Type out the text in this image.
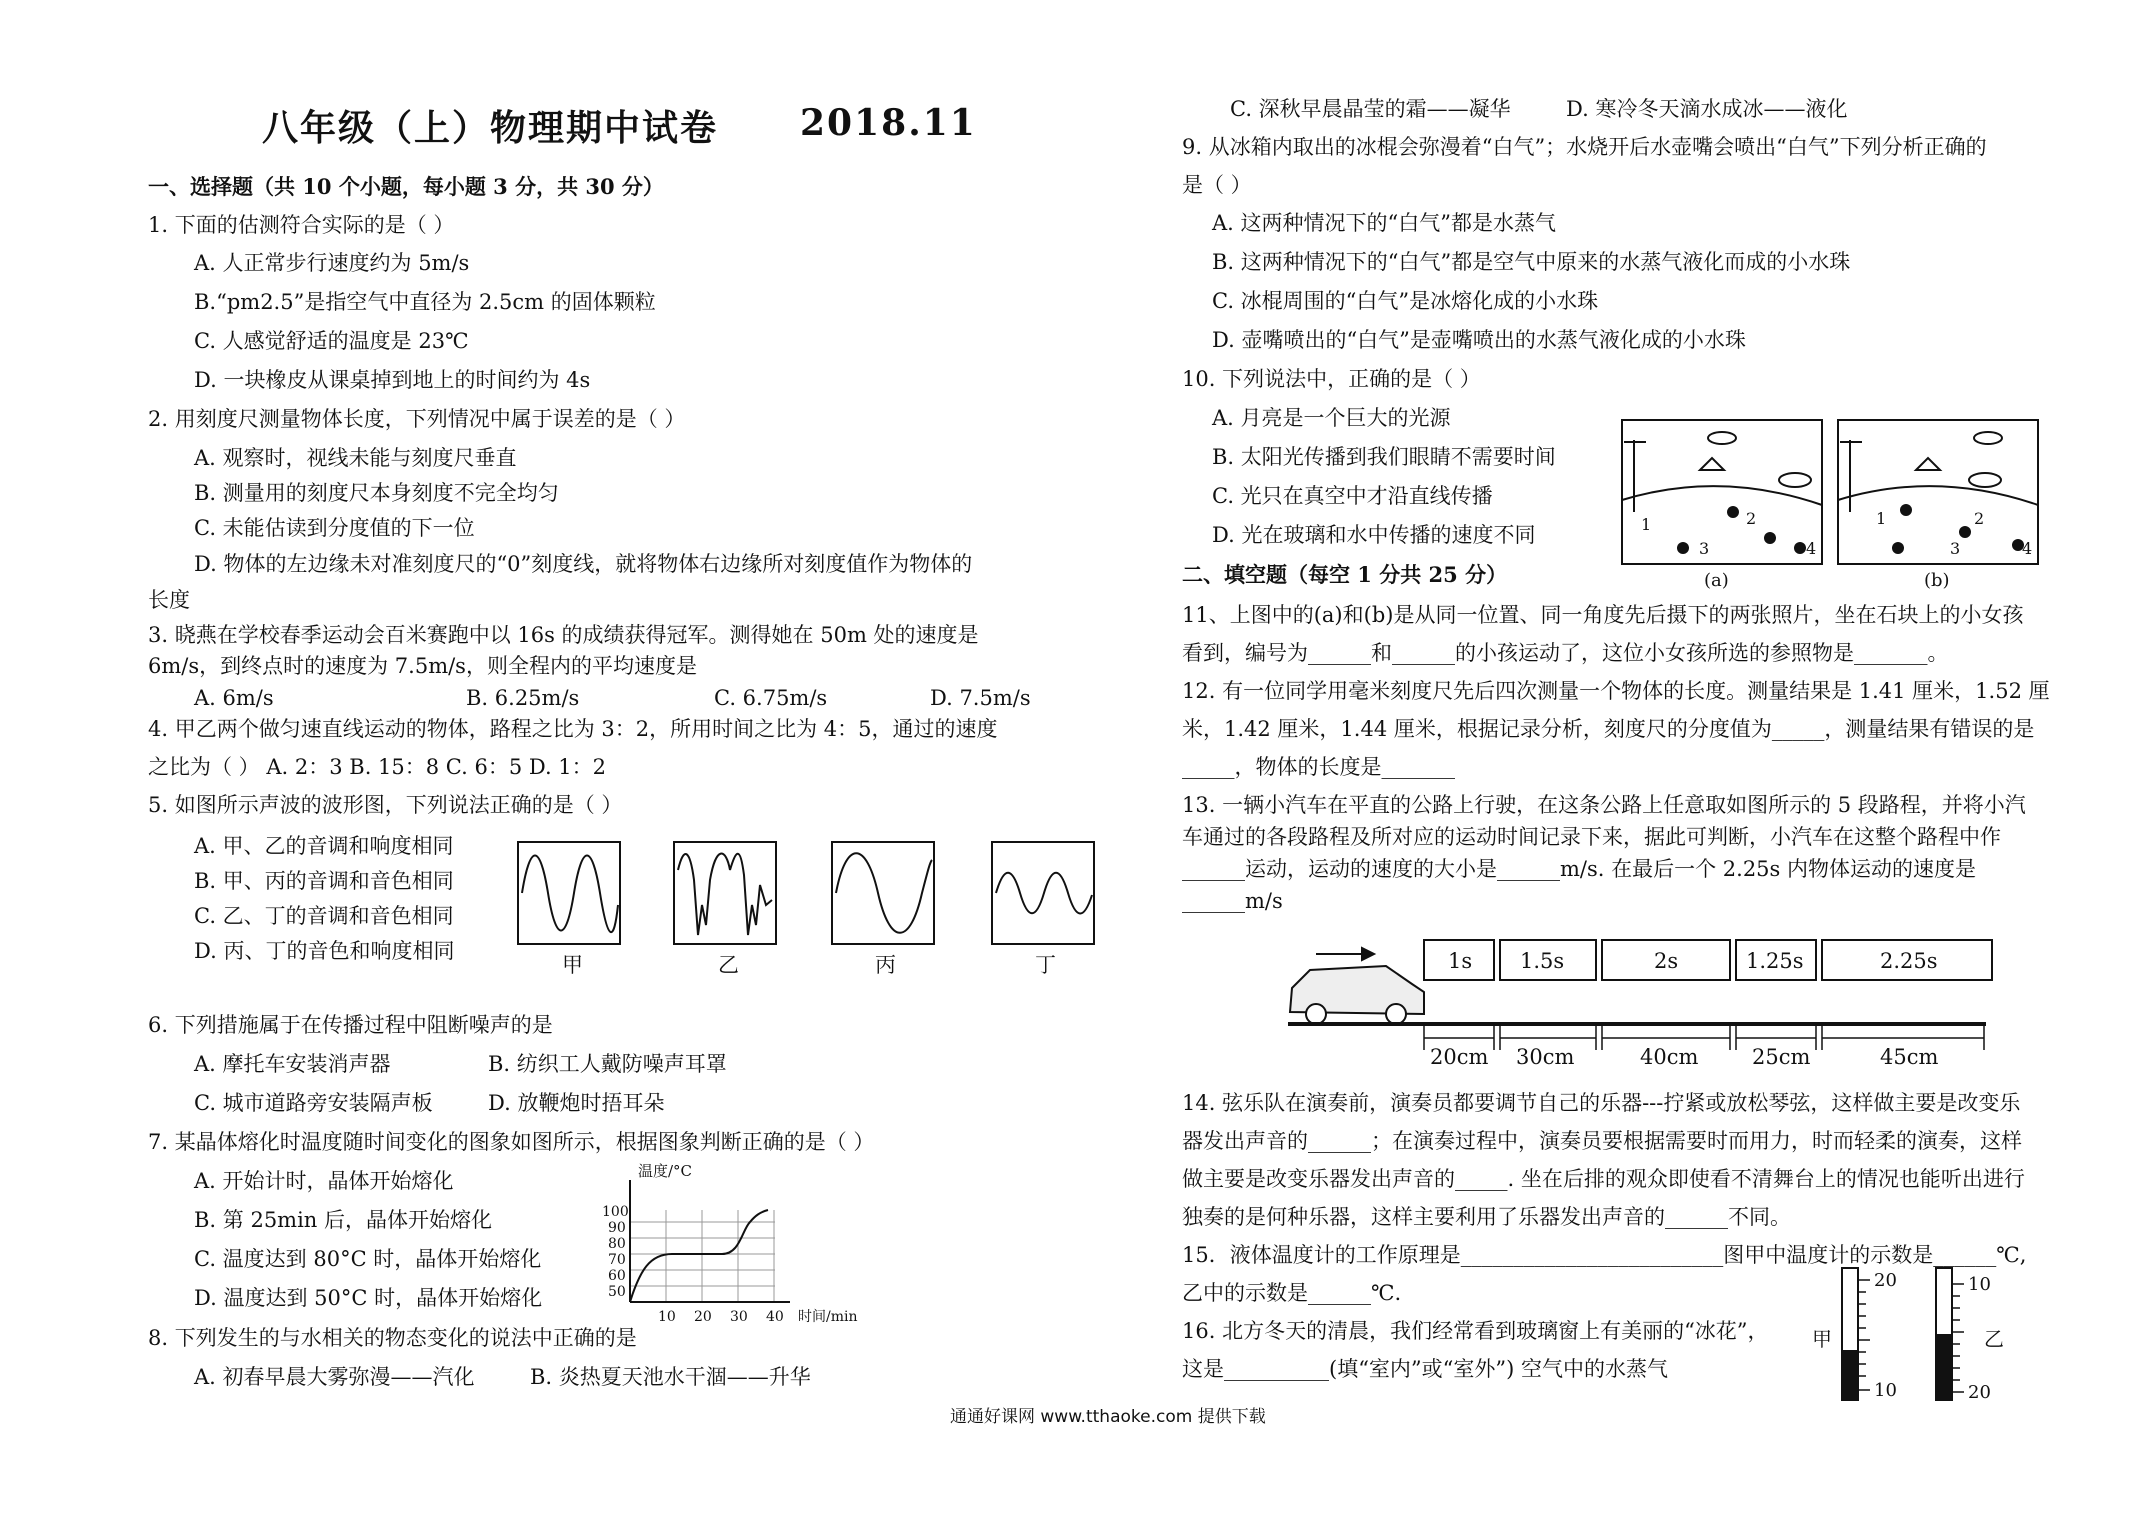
八年级（上）物理期中试卷 2018.11
一、选择题（共 10 个小题，每小题 3 分，共 30 分）
1. 下面的估测符合实际的是（ ）
A. 人正常步行速度约为 5m/s
B.“pm2.5”是指空气中直径为 2.5cm 的固体颗粒
C. 人感觉舒适的温度是 23℃
D. 一块橡皮从课桌掉到地上的时间约为 4s
2. 用刻度尺测量物体长度，下列情况中属于误差的是（ ）
A. 观察时，视线未能与刻度尺垂直
B. 测量用的刻度尺本身刻度不完全均匀
C. 未能估读到分度值的下一位
D. 物体的左边缘未对准刻度尺的“0”刻度线，就将物体右边缘所对刻度值作为物体的
长度
3. 晓燕在学校春季运动会百米赛跑中以 16s 的成绩获得冠军。测得她在 50m 处的速度是
6m/s，到终点时的速度为 7.5m/s，则全程内的平均速度是
A. 6m/s	B. 6.25m/s	C. 6.75m/s	D. 7.5m/s
4. 甲乙两个做匀速直线运动的物体，路程之比为 3：2，所用时间之比为 4：5，通过的速度
之比为（ ） A. 2：3 B. 15：8 C. 6：5 D. 1：2
5. 如图所示声波的波形图，下列说法正确的是（ ）
A. 甲、乙的音调和响度相同
B. 甲、丙的音调和音色相同
C. 乙、丁的音调和音色相同
D. 丙、丁的音色和响度相同
甲	乙	丙	丁
6. 下列措施属于在传播过程中阻断噪声的是
A. 摩托车安装消声器	B. 纺织工人戴防噪声耳罩
C. 城市道路旁安装隔声板	D. 放鞭炮时捂耳朵
7. 某晶体熔化时温度随时间变化的图象如图所示，根据图象判断正确的是（ ）
A. 开始计时，晶体开始熔化
B. 第 25min 后，晶体开始熔化
C. 温度达到 80°C 时，晶体开始熔化
D. 温度达到 50°C 时，晶体开始熔化
温度/°C
100
90
80
70
60
50
10 20 30 40 时间/min
8. 下列发生的与水相关的物态变化的说法中正确的是
A. 初春早晨大雾弥漫——汽化	B. 炎热夏天池水干涸——升华
C. 深秋早晨晶莹的霜——凝华	D. 寒冷冬天滴水成冰——液化
9. 从冰箱内取出的冰棍会弥漫着“白气”；水烧开后水壶嘴会喷出“白气”下列分析正确的
是（ ）
A. 这两种情况下的“白气”都是水蒸气
B. 这两种情况下的“白气”都是空气中原来的水蒸气液化而成的小水珠
C. 冰棍周围的“白气”是冰熔化成的小水珠
D. 壶嘴喷出的“白气”是壶嘴喷出的水蒸气液化成的小水珠
10. 下列说法中，正确的是（ ）
A. 月亮是一个巨大的光源
B. 太阳光传播到我们眼睛不需要时间
C. 光只在真空中才沿直线传播
D. 光在玻璃和水中传播的速度不同	1	2
3	4
1	2
3	4
(a)	(b)
二、填空题（每空 1 分共 25 分）
11、上图中的(a)和(b)是从同一位置、同一角度先后摄下的两张照片，坐在石块上的小女孩
看到，编号为______和______的小孩运动了，这位小女孩所选的参照物是_______。
12. 有一位同学用毫米刻度尺先后四次测量一个物体的长度。测量结果是 1.41 厘米，1.52 厘
米，1.42 厘米，1.44 厘米，根据记录分析，刻度尺的分度值为_____，测量结果有错误的是
_____，物体的长度是_______
13. 一辆小汽车在平直的公路上行驶，在这条公路上任意取如图所示的 5 段路程，并将小汽
车通过的各段路程及所对应的运动时间记录下来，据此可判断，小汽车在这整个路程中作
______运动，运动的速度的大小是______m/s. 在最后一个 2.25s 内物体运动的速度是
______m/s
1s 1.5s	2s	1.25s	2.25s
20cm 30cm	40cm	25cm	45cm
14. 弦乐队在演奏前，演奏员都要调节自己的乐器---拧紧或放松琴弦，这样做主要是改变乐
器发出声音的______；在演奏过程中，演奏员要根据需要时而用力，时而轻柔的演奏，这样
做主要是改变乐器发出声音的_____. 坐在后排的观众即使看不清舞台上的情况也能听出进行
独奏的是何种乐器，这样主要利用了乐器发出声音的______不同。
15．液体温度计的工作原理是_________________________图甲中温度计的示数是______℃,
乙中的示数是______℃.
16. 北方冬天的清晨，我们经常看到玻璃窗上有美丽的“冰花”，
这是__________(填“室内”或“室外”) 空气中的水蒸气
甲	乙
20
10
10
20
通通好课网 www.tthaoke.com 提供下载
